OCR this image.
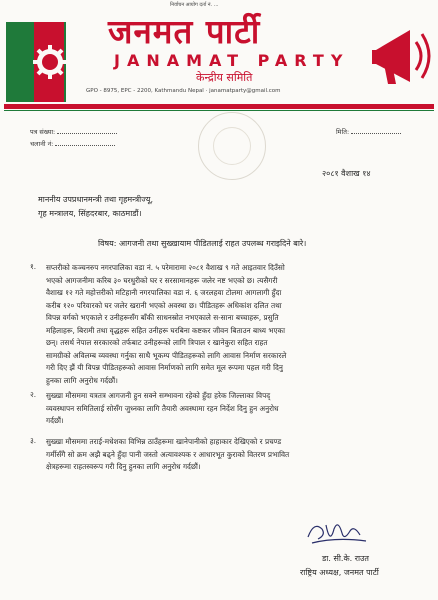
निर्वाचन आयोग दर्ता नं. ...
जनमत पार्टी
JANAMAT PARTY
केन्द्रीय समिति
GPO - 8975, EPC - 2200, Kathmandu Nepal · janamatparty@gmail.com
पत्र संख्या:
चलानी नं:
मिति:
२०८१ वैशाख १४
माननीय उपप्रधानमन्त्री तथा गृहमन्त्रीज्यू,
गृह मन्त्रालय, सिंहदरबार, काठमाडौं।
विषय: आगजनी तथा सुख्खायाम पीडितलाई राहत उपलब्ध गराइदिने बारे।
१. सप्तरीको कञ्चनरुप नगरपालिका वडा नं. ५ परेमारामा २०८१ वैशाख ९ गते आइतवार दिउँसो
भएको आगजनीमा करिब ३० घरधुरीको घर र सरसामानहरू जलेर नष्ट भएको छ। त्यसैगरी
वैशाख १२ गते महोत्तरीको मटिहानी नगरपालिका वडा नं. ६ जरलहवा टोलमा आगलागी हुँदा
करीब १२० परिवारको घर जलेर खरानी भएको अवस्था छ। पीडितहरू अधिकांश दलित तथा
विपन्न वर्गको भएकाले र उनीहरूसँग बाँकी साधनस्रोत नभएकाले स-साना बच्चाहरू, प्रसुति
महिलाहरू, बिरामी तथा वृद्धहरू सहित उनीहरू घरबिना कष्टकर जीवन बिताउन बाध्य भएका
छन्। तसर्थ नेपाल सरकारको तर्फबाट उनीहरूको लागि त्रिपाल र खानेकुरा सहित राहत
सामग्रीको अविलम्ब व्यवस्था गर्नुका साथै भूकम्प पीडितहरूको लागि आवास निर्माण सरकारले
गरी दिए झैं यी विपन्न पीडितहरूको आवास निर्माणको लागि समेत मूल रूपमा पहल गरी दिनु
हुनका लागि अनुरोध गर्दछौं।
२. सुख्खा मौसममा यत्रतत्र आगजनी हुन सक्ने सम्भावना रहेको हुँदा हरेक जिल्लाका विपद्
व्यवस्थापन समितिलाई सोसँग जुध्नका लागि तैयारी अवस्थामा रहन निर्देश दिनु हुन अनुरोध
गर्दछौं।
३. सुख्खा मौसममा तराई-मधेशका विभिन्न ठाउँहरूमा खानेपानीको हाहाकार देखिएको र प्रचण्ड
गर्मीसँगै सो क्रम अझै बढ्ने हुँदा पानी जस्तो अत्यावश्यक र आधारभूत कुराको वितरण प्रभावित
क्षेत्रहरूमा राहतस्वरूप गरी दिनु हुनका लागि अनुरोध गर्दछौं।
डा. सी.के. राउत
राष्ट्रिय अध्यक्ष, जनमत पार्टी
